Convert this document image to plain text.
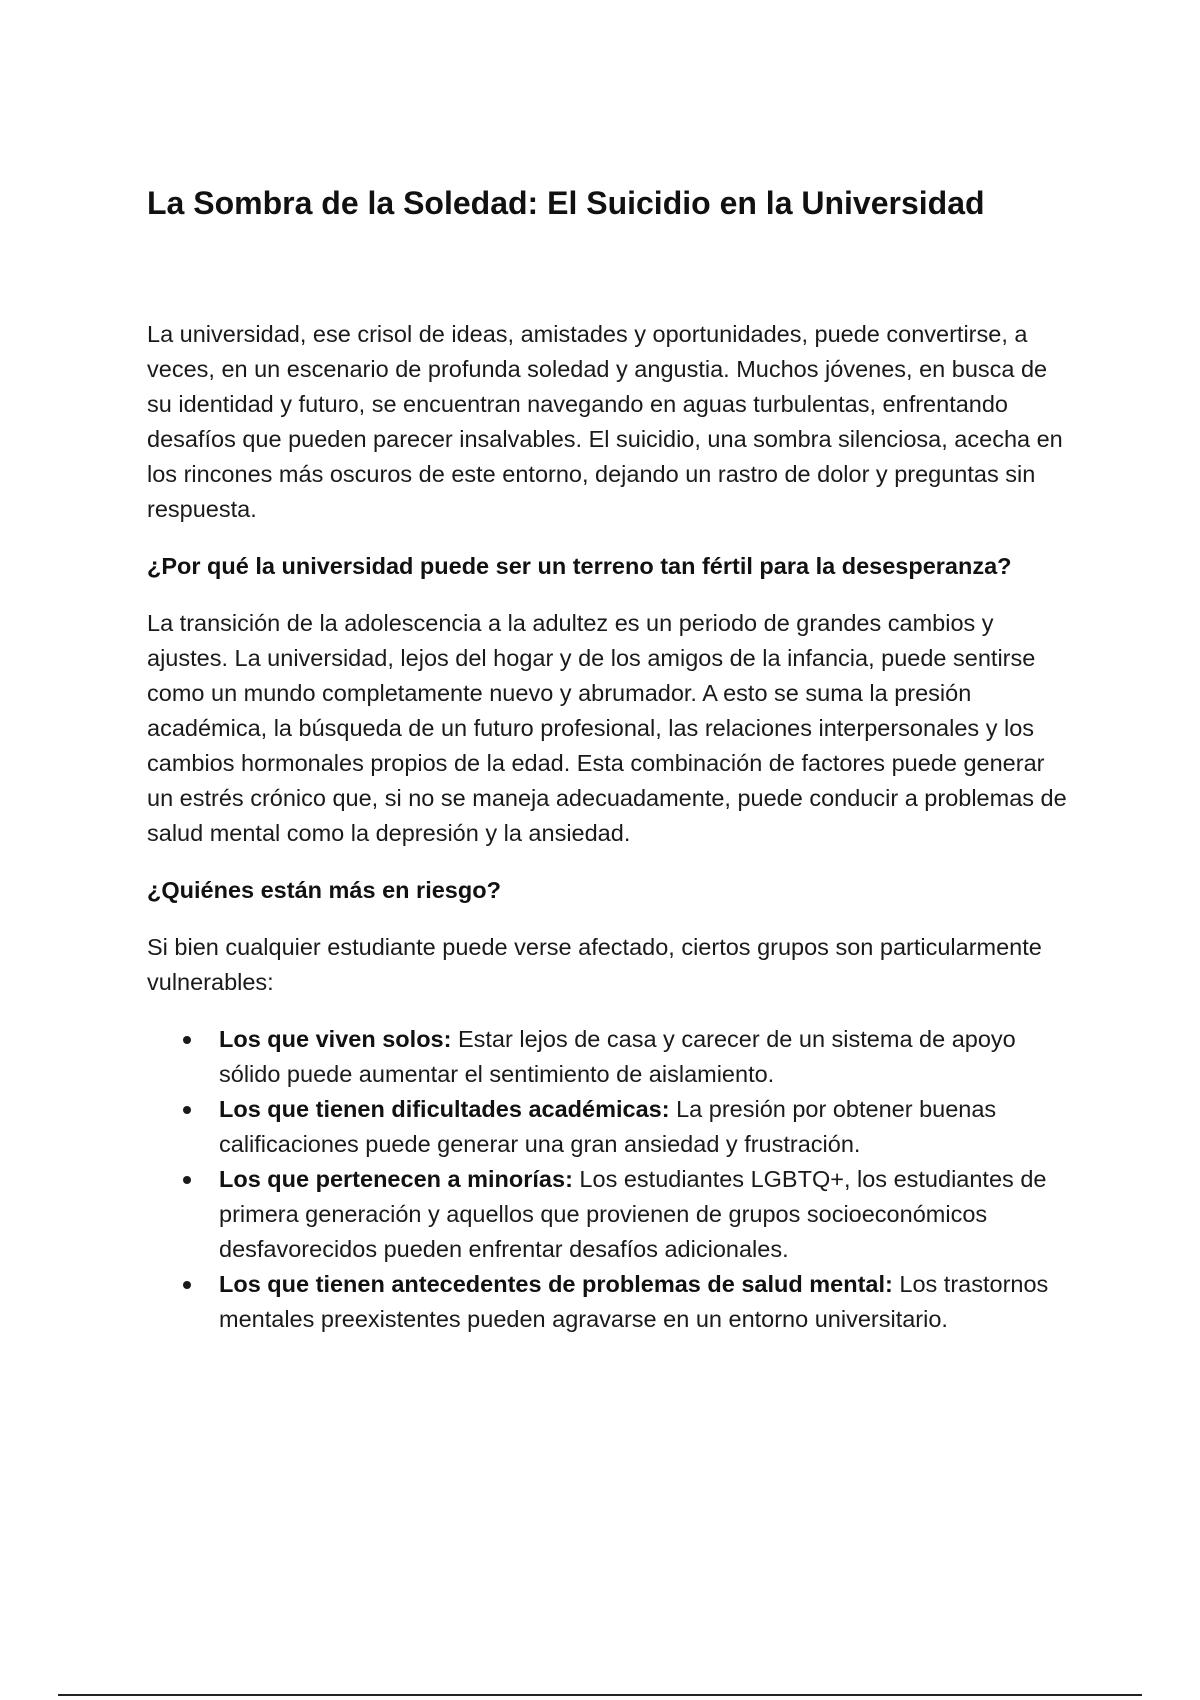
La Sombra de la Soledad: El Suicidio en la Universidad

La universidad, ese crisol de ideas, amistades y oportunidades, puede convertirse, a veces, en un escenario de profunda soledad y angustia. Muchos jóvenes, en busca de su identidad y futuro, se encuentran navegando en aguas turbulentas, enfrentando desafíos que pueden parecer insalvables. El suicidio, una sombra silenciosa, acecha en los rincones más oscuros de este entorno, dejando un rastro de dolor y preguntas sin respuesta.

¿Por qué la universidad puede ser un terreno tan fértil para la desesperanza?

La transición de la adolescencia a la adultez es un periodo de grandes cambios y ajustes. La universidad, lejos del hogar y de los amigos de la infancia, puede sentirse como un mundo completamente nuevo y abrumador. A esto se suma la presión académica, la búsqueda de un futuro profesional, las relaciones interpersonales y los cambios hormonales propios de la edad. Esta combinación de factores puede generar un estrés crónico que, si no se maneja adecuadamente, puede conducir a problemas de salud mental como la depresión y la ansiedad.

¿Quiénes están más en riesgo?

Si bien cualquier estudiante puede verse afectado, ciertos grupos son particularmente vulnerables:

Los que viven solos: Estar lejos de casa y carecer de un sistema de apoyo sólido puede aumentar el sentimiento de aislamiento.
Los que tienen dificultades académicas: La presión por obtener buenas calificaciones puede generar una gran ansiedad y frustración.
Los que pertenecen a minorías: Los estudiantes LGBTQ+, los estudiantes de primera generación y aquellos que provienen de grupos socioeconómicos desfavorecidos pueden enfrentar desafíos adicionales.
Los que tienen antecedentes de problemas de salud mental: Los trastornos mentales preexistentes pueden agravarse en un entorno universitario.
